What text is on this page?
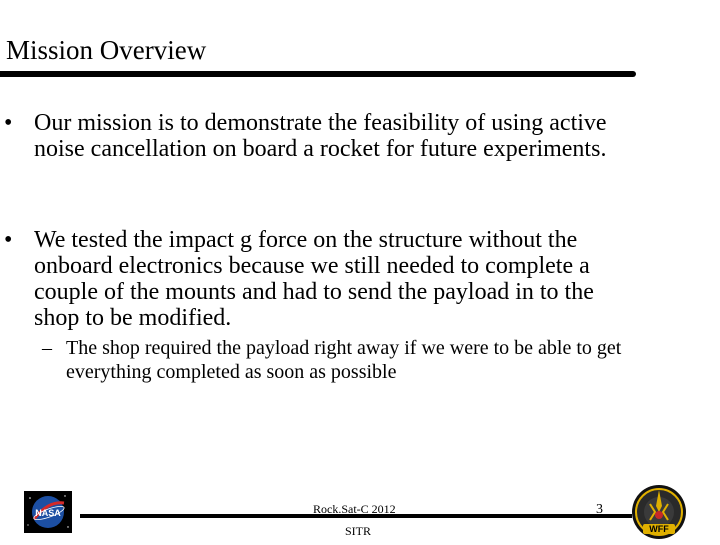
Mission Overview
• Our mission is to demonstrate the feasibility of using active noise cancellation on board a rocket for future experiments.
• We tested the impact g force on the structure without the onboard electronics because we still needed to complete a couple of the mounts and had to send the payload in to the shop to be modified.
– The shop required the payload right away if we were to be able to get everything completed as soon as possible
NASA	Rock.Sat-C 2012
SITR
3
WFF
